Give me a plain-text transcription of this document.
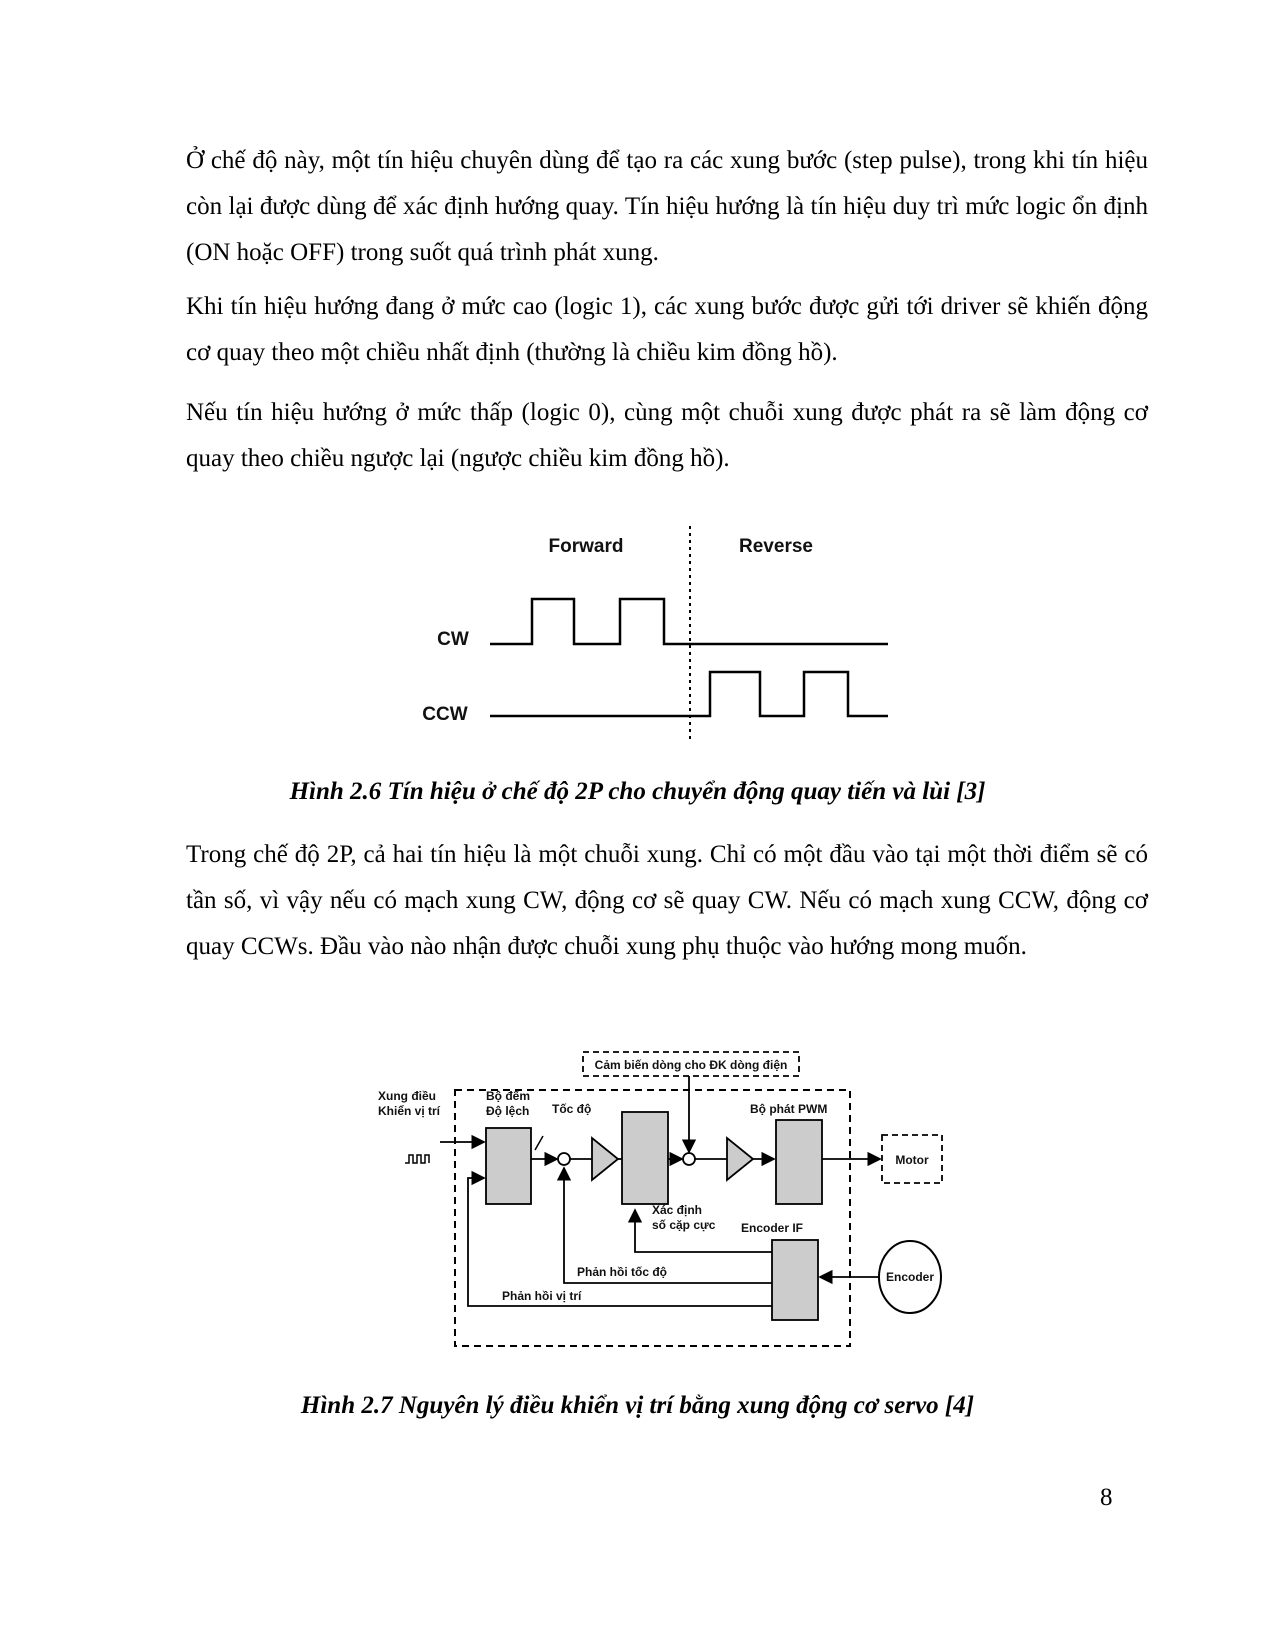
Ở chế độ này, một tín hiệu chuyên dùng để tạo ra các xung bước (step pulse), trong khi tín hiệu còn lại được dùng để xác định hướng quay. Tín hiệu hướng là tín hiệu duy trì mức logic ổn định (ON hoặc OFF) trong suốt quá trình phát xung.

Khi tín hiệu hướng đang ở mức cao (logic 1), các xung bước được gửi tới driver sẽ khiến động cơ quay theo một chiều nhất định (thường là chiều kim đồng hồ).

Nếu tín hiệu hướng ở mức thấp (logic 0), cùng một chuỗi xung được phát ra sẽ làm động cơ quay theo chiều ngược lại (ngược chiều kim đồng hồ).

Forward	Reverse
CW
CCW

Hình 2.6 Tín hiệu ở chế độ 2P cho chuyển động quay tiến và lùi [3]

Trong chế độ 2P, cả hai tín hiệu là một chuỗi xung. Chỉ có một đầu vào tại một thời điểm sẽ có tần số, vì vậy nếu có mạch xung CW, động cơ sẽ quay CW. Nếu có mạch xung CCW, động cơ quay CCWs. Đầu vào nào nhận được chuỗi xung phụ thuộc vào hướng mong muốn.

Cảm biến dòng cho ĐK dòng điện
Xung điều
Khiển vị trí
Bộ đếm
Độ lệch Tốc độ	Bộ phát PWM
Motor
Encoder
Encoder IF
Xác định
số cặp cực
Phản hồi tốc độ
Phản hồi vị trí

Hình 2.7 Nguyên lý điều khiển vị trí bằng xung động cơ servo [4]

8
